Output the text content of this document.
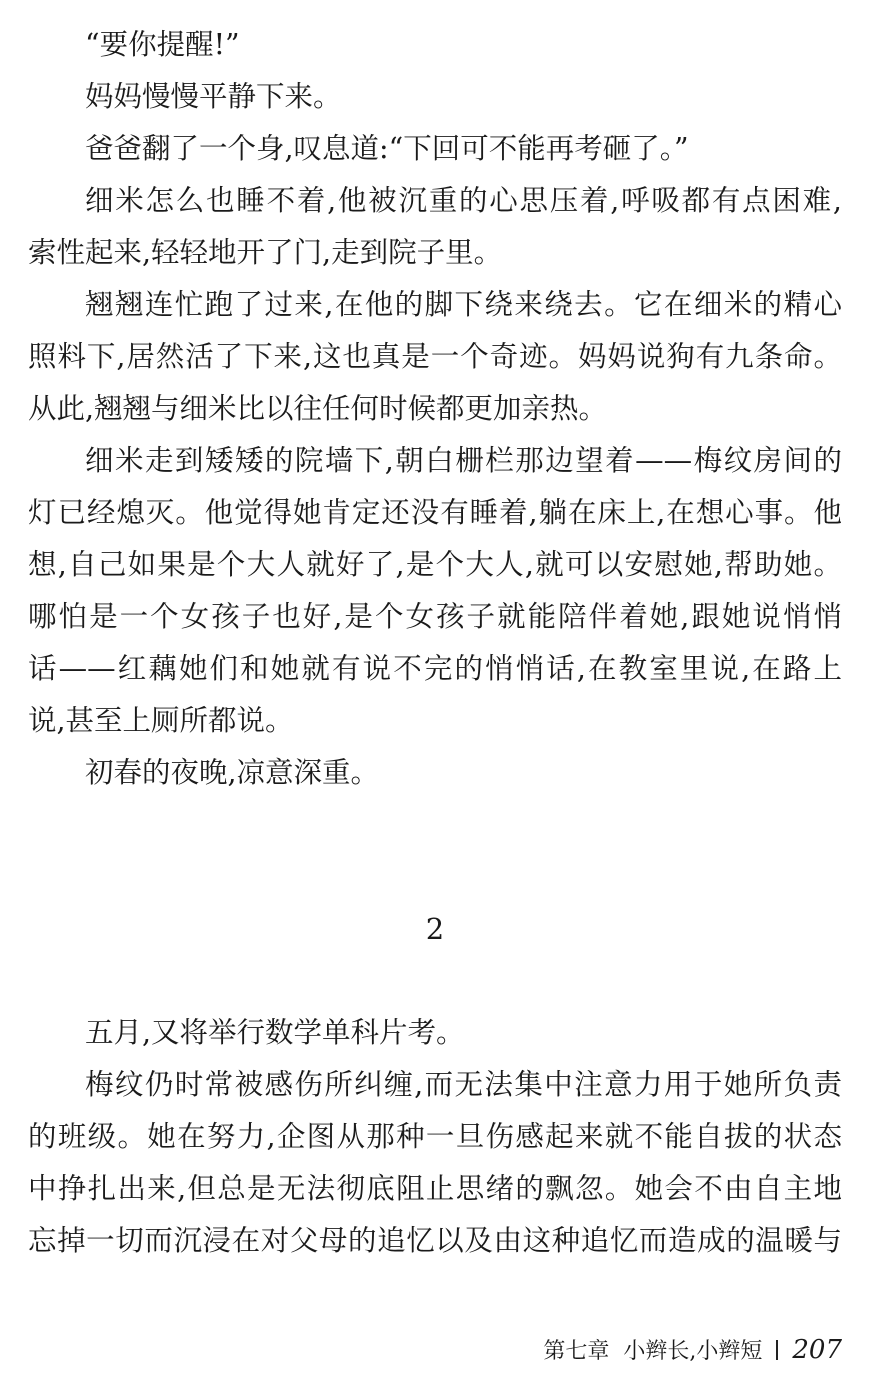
“要你提醒!”
妈妈慢慢平静下来。
爸爸翻了一个身,叹息道:“下回可不能再考砸了。”
细米怎么也睡不着,他被沉重的心思压着,呼吸都有点困难,
索性起来,轻轻地开了门,走到院子里。
翘翘连忙跑了过来,在他的脚下绕来绕去。它在细米的精心
照料下,居然活了下来,这也真是一个奇迹。妈妈说狗有九条命。
从此,翘翘与细米比以往任何时候都更加亲热。
细米走到矮矮的院墙下,朝白栅栏那边望着——梅纹房间的
灯已经熄灭。他觉得她肯定还没有睡着,躺在床上,在想心事。他
想,自己如果是个大人就好了,是个大人,就可以安慰她,帮助她。
哪怕是一个女孩子也好,是个女孩子就能陪伴着她,跟她说悄悄
话——红藕她们和她就有说不完的悄悄话,在教室里说,在路上
说,甚至上厕所都说。
初春的夜晚,凉意深重。
2
五月,又将举行数学单科片考。
梅纹仍时常被感伤所纠缠,而无法集中注意力用于她所负责
的班级。她在努力,企图从那种一旦伤感起来就不能自拔的状态
中挣扎出来,但总是无法彻底阻止思绪的飘忽。她会不由自主地
忘掉一切而沉浸在对父母的追忆以及由这种追忆而造成的温暖与
第七章 小辫长,小辫短 207
